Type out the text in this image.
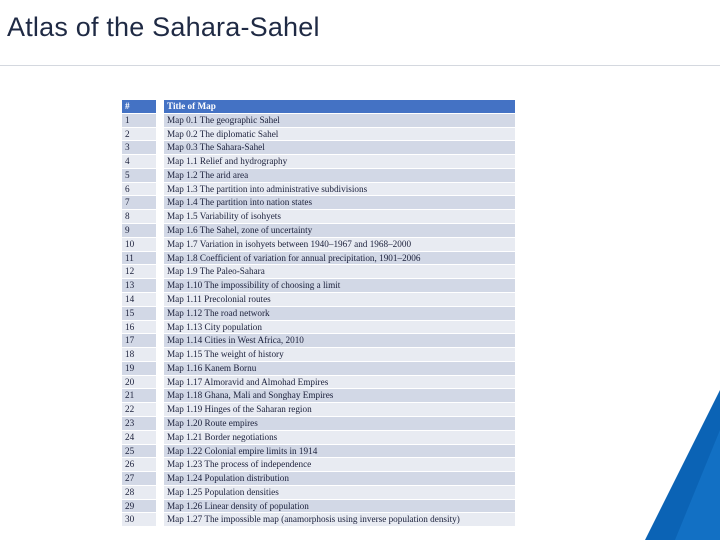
Atlas of the Sahara-Sahel
#		Title of Map
1		Map 0.1 The geographic Sahel
2		Map 0.2 The diplomatic Sahel
3		Map 0.3 The Sahara-Sahel
4		Map 1.1 Relief and hydrography
5		Map 1.2 The arid area
6		Map 1.3 The partition into administrative subdivisions
7		Map 1.4 The partition into nation states
8		Map 1.5 Variability of isohyets
9		Map 1.6 The Sahel, zone of uncertainty
10		Map 1.7 Variation in isohyets between 1940–1967 and 1968–2000
11		Map 1.8 Coefficient of variation for annual precipitation, 1901–2006
12		Map 1.9 The Paleo-Sahara
13		Map 1.10 The impossibility of choosing a limit
14		Map 1.11 Precolonial routes
15		Map 1.12 The road network
16		Map 1.13 City population
17		Map 1.14 Cities in West Africa, 2010
18		Map 1.15 The weight of history
19		Map 1.16 Kanem Bornu
20		Map 1.17 Almoravid and Almohad Empires
21		Map 1.18 Ghana, Mali and Songhay Empires
22		Map 1.19 Hinges of the Saharan region
23		Map 1.20 Route empires
24		Map 1.21 Border negotiations
25		Map 1.22 Colonial empire limits in 1914
26		Map 1.23 The process of independence
27		Map 1.24 Population distribution
28		Map 1.25 Population densities
29		Map 1.26 Linear density of population
30		Map 1.27 The impossible map (anamorphosis using inverse population density)
